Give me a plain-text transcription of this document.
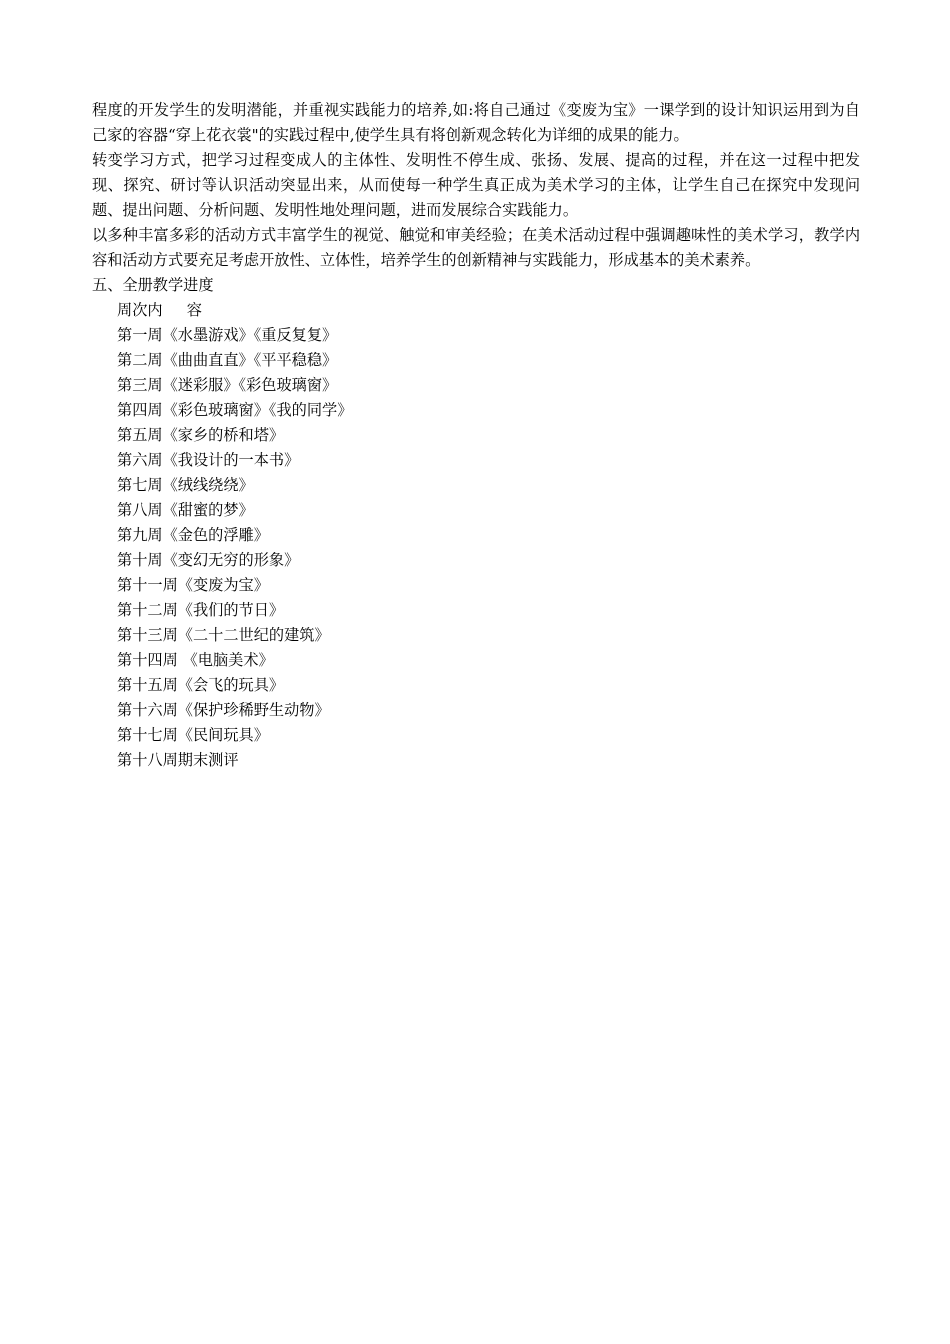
程度的开发学生的发明潜能，并重视实践能力的培养,如:将自己通过《变废为宝》一课学到的设计知识运用到为自己家的容器“穿上花衣裳"的实践过程中,使学生具有将创新观念转化为详细的成果的能力。

转变学习方式，把学习过程变成人的主体性、发明性不停生成、张扬、发展、提高的过程，并在这一过程中把发现、探究、研讨等认识活动突显出来，从而使每一种学生真正成为美术学习的主体，让学生自己在探究中发现问题、提出问题、分析问题、发明性地处理问题，进而发展综合实践能力。

以多种丰富多彩的活动方式丰富学生的视觉、触觉和审美经验；在美术活动过程中强调趣味性的美术学习，教学内容和活动方式要充足考虑开放性、立体性，培养学生的创新精神与实践能力，形成基本的美术素养。

五、全册教学进度

周次内     容
第一周《水墨游戏》《重反复复》
第二周《曲曲直直》《平平稳稳》
第三周《迷彩服》《彩色玻璃窗》
第四周《彩色玻璃窗》《我的同学》
第五周《家乡的桥和塔》
第六周《我设计的一本书》
第七周《绒线绕绕》
第八周《甜蜜的梦》
第九周《金色的浮雕》
第十周《变幻无穷的形象》
第十一周《变废为宝》
第十二周《我们的节日》
第十三周《二十二世纪的建筑》
第十四周 《电脑美术》
第十五周《会飞的玩具》
第十六周《保护珍稀野生动物》
第十七周《民间玩具》
第十八周期末测评
